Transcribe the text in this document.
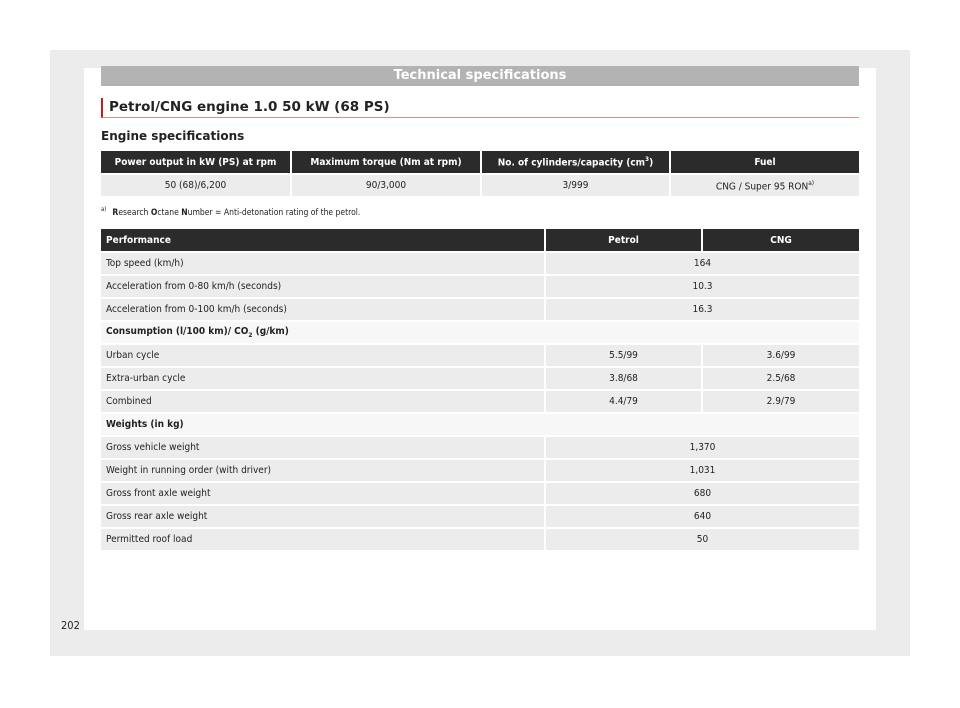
Technical specifications
Petrol/CNG engine 1.0 50 kW (68 PS)
Engine specifications
Power output in kW (PS) at rpm	Maximum torque (Nm at rpm)	No. of cylinders/capacity $(cm^3)$	Fuel
50 (68)/6,200	90/3,000	3/999	CNG / Super 95 RON$^{a)}$
$^{a)}$ Research Octane Number = Anti-detonation rating of the petrol.
Performance	Petrol	CNG
Top speed (km/h)	164	
Acceleration from 0-80 km/h (seconds)	10.3	
Acceleration from 0-100 km/h (seconds)	16.3	
Consumption (l/100 km)/ $CO_2$ (g/km)		
Urban cycle	5.5/99	3.6/99
Extra-urban cycle	3.8/68	2.5/68
Combined	4.4/79	2.9/79
Weights (in kg)		
Gross vehicle weight	1,370	
Weight in running order (with driver)	1,031	
Gross front axle weight	680	
Gross rear axle weight	640	
Permitted roof load	50	
202
